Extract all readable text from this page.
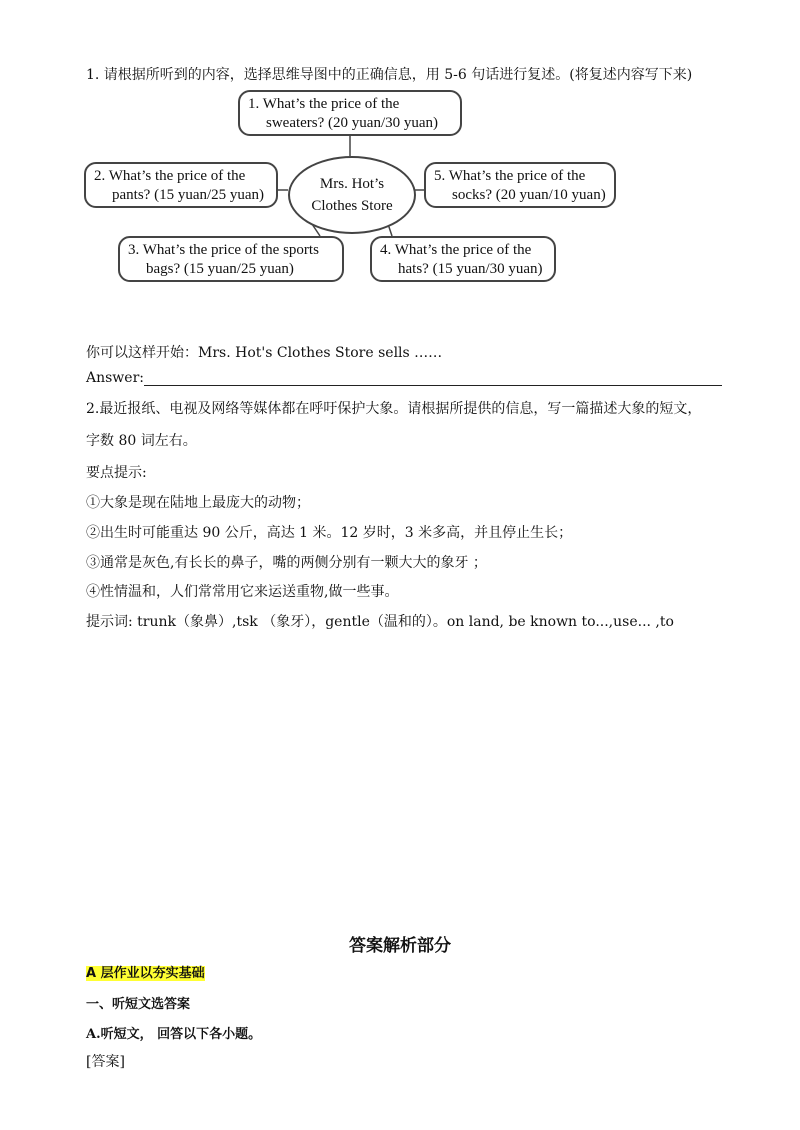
1. 请根据所听到的内容，选择思维导图中的正确信息，用 5-6 句话进行复述。(将复述内容写下来)
1. What’s the price of the
sweaters? (20 yuan/30 yuan)
2. What’s the price of the
pants? (15 yuan/25 yuan)
Mrs. Hot’s
Clothes Store
5. What’s the price of the
socks? (20 yuan/10 yuan)
3. What’s the price of the sports
bags? (15 yuan/25 yuan)
4. What’s the price of the
hats? (15 yuan/30 yuan)
你可以这样开始：Mrs. Hot's Clothes Store sells ……
Answer:
2.最近报纸、电视及网络等媒体都在呼吁保护大象。请根据所提供的信息，写一篇描述大象的短文，
字数 80 词左右。
要点提示:
①大象是现在陆地上最庞大的动物；
②出生时可能重达 90 公斤，高达 1 米。12 岁时，3 米多高，并且停止生长；
③通常是灰色,有长长的鼻子，嘴的两侧分别有一颗大大的象牙 ；
④性情温和，人们常常用它来运送重物,做一些事。
提示词: trunk（象鼻）,tsk （象牙），gentle（温和的）。on land, be known to...,use... ,to
答案解析部分
A 层作业以夯实基础
一、听短文选答案
A.听短文， 回答以下各小题。
[答案]
